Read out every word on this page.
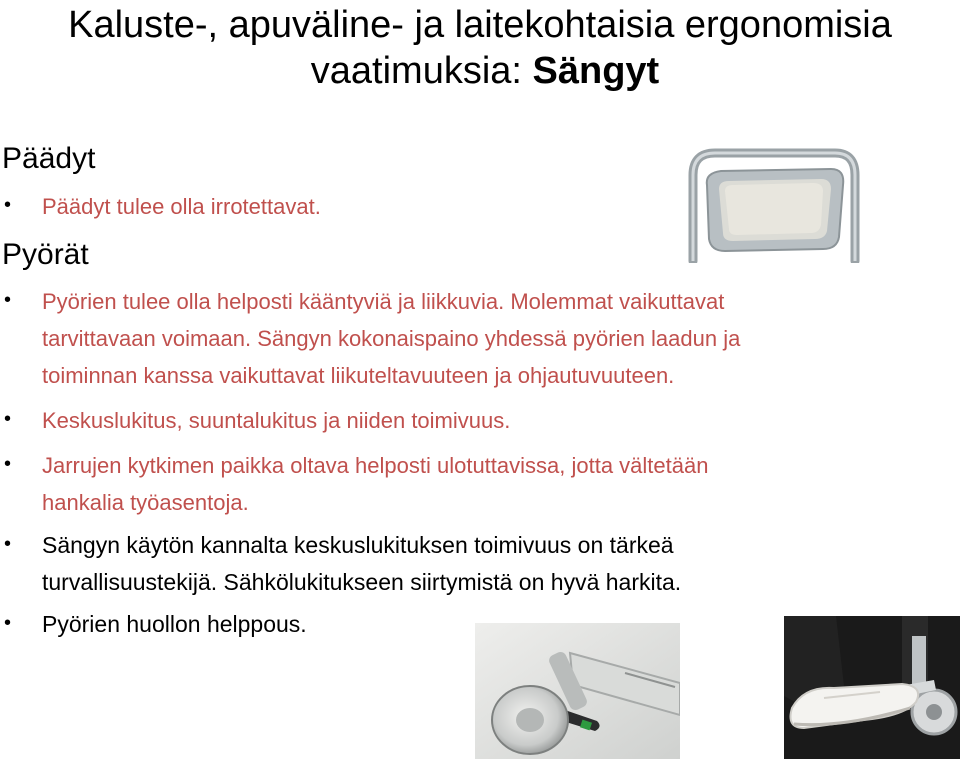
Kaluste-, apuväline- ja laitekohtaisia ergonomisia
vaatimuksia: Sängyt
Päädyt
• Päädyt tulee olla irrotettavat.
Pyörät
• Pyörien tulee olla helposti kääntyviä ja liikkuvia. Molemmat vaikuttavat
tarvittavaan voimaan. Sängyn kokonaispaino yhdessä pyörien laadun ja
toiminnan kanssa vaikuttavat liikuteltavuuteen ja ohjautuvuuteen.
• Keskuslukitus, suuntalukitus ja niiden toimivuus.
• Jarrujen kytkimen paikka oltava helposti ulotuttavissa, jotta vältetään
hankalia työasentoja.
• Sängyn käytön kannalta keskuslukituksen toimivuus on tärkeä
turvallisuustekijä. Sähkölukitukseen siirtymistä on hyvä harkita.
• Pyörien huollon helppous.
